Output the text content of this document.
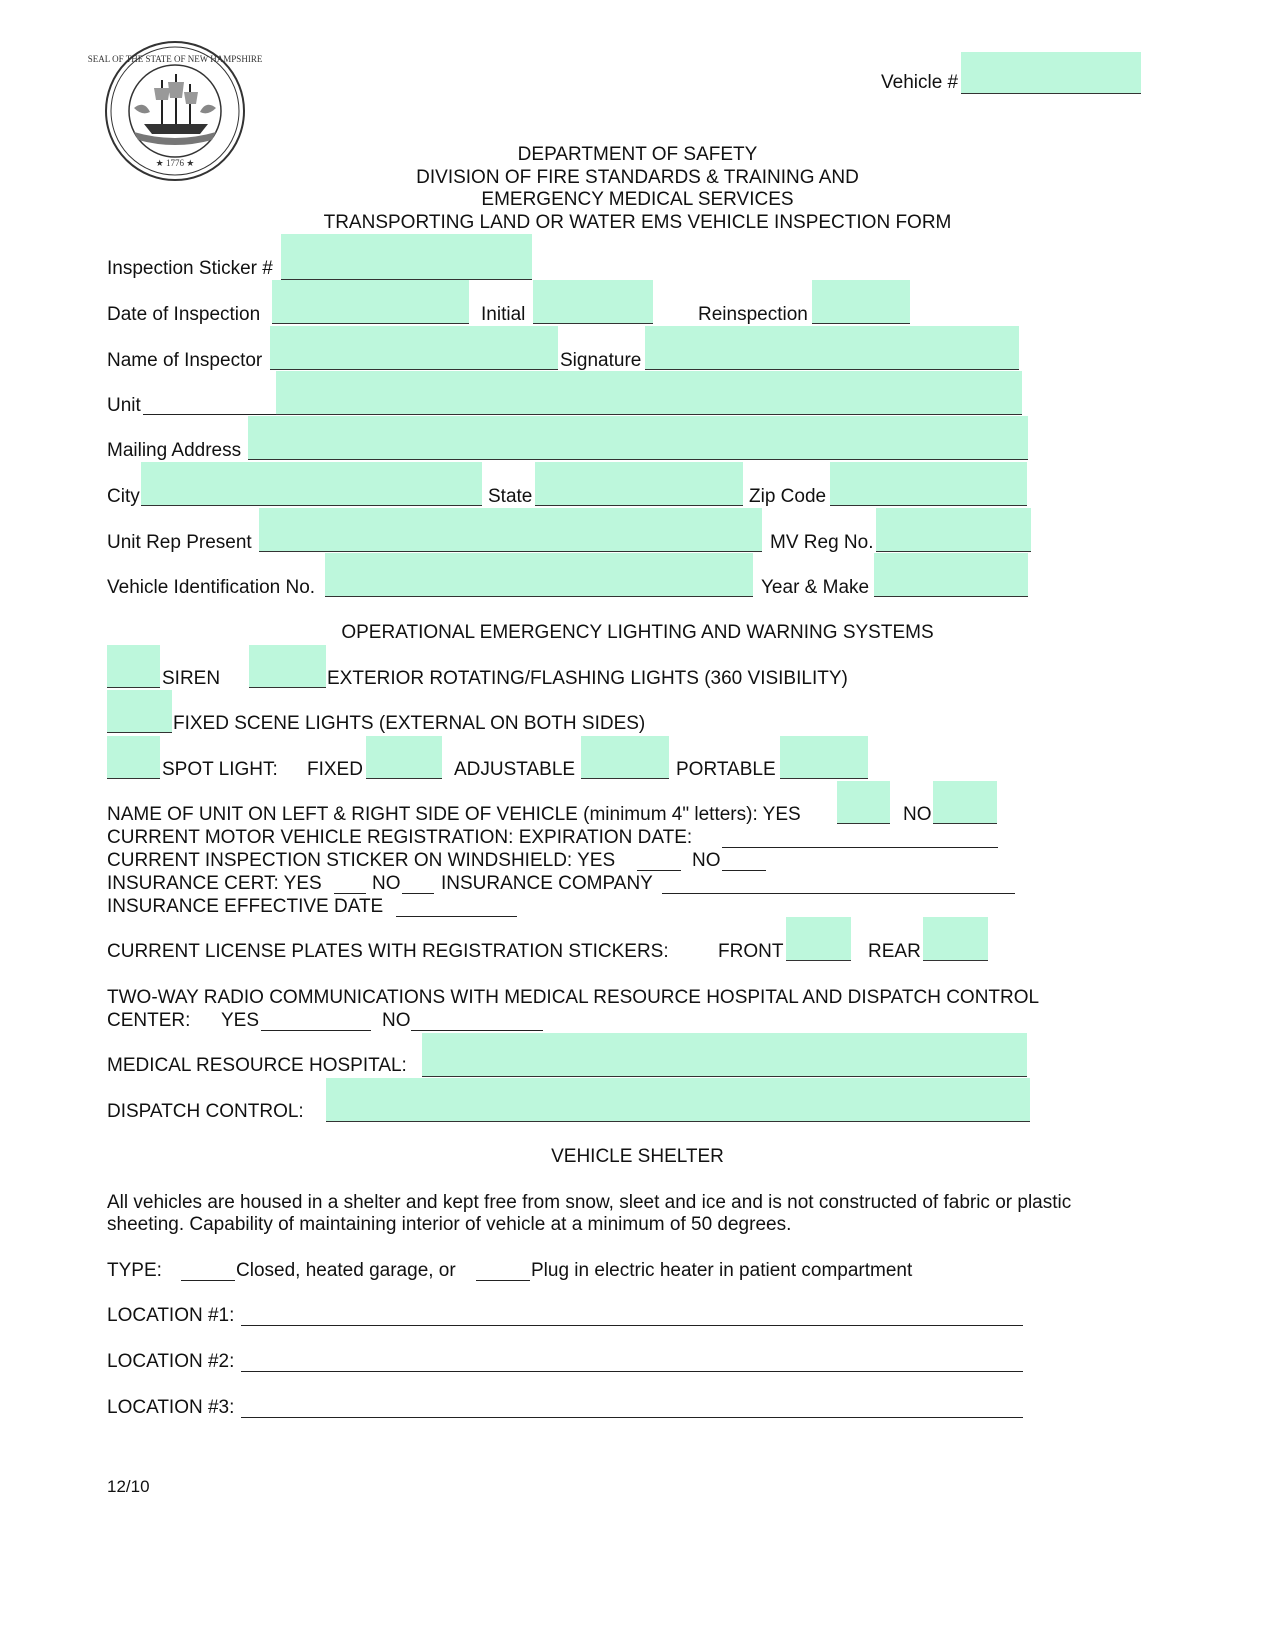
SEAL OF THE STATE OF NEW HAMPSHIRE
★ 1776 ★
Vehicle #
DEPARTMENT OF SAFETY
DIVISION OF FIRE STANDARDS & TRAINING AND
EMERGENCY MEDICAL SERVICES
TRANSPORTING LAND OR WATER EMS VEHICLE INSPECTION FORM
Inspection Sticker #
Date of Inspection	Initial	Reinspection
Name of Inspector	Signature
Unit
Mailing Address
City	State	Zip Code
Unit Rep Present	MV Reg No.
Vehicle Identification No.	Year & Make
OPERATIONAL EMERGENCY LIGHTING AND WARNING SYSTEMS
SIREN	EXTERIOR ROTATING/FLASHING LIGHTS (360 VISIBILITY)
FIXED SCENE LIGHTS (EXTERNAL ON BOTH SIDES)
SPOT LIGHT: FIXED	ADJUSTABLE	PORTABLE
NAME OF UNIT ON LEFT & RIGHT SIDE OF VEHICLE (minimum 4" letters): YES	NO
CURRENT MOTOR VEHICLE REGISTRATION: EXPIRATION DATE:
CURRENT INSPECTION STICKER ON WINDSHIELD: YES	NO
INSURANCE CERT: YES	NO INSURANCE COMPANY
INSURANCE EFFECTIVE DATE
CURRENT LICENSE PLATES WITH REGISTRATION STICKERS:	FRONT	REAR
TWO-WAY RADIO COMMUNICATIONS WITH MEDICAL RESOURCE HOSPITAL AND DISPATCH CONTROL
CENTER: YES	NO
MEDICAL RESOURCE HOSPITAL:
DISPATCH CONTROL:
VEHICLE SHELTER
All vehicles are housed in a shelter and kept free from snow, sleet and ice and is not constructed of fabric or plastic
sheeting. Capability of maintaining interior of vehicle at a minimum of 50 degrees.
TYPE:	Closed, heated garage, or	Plug in electric heater in patient compartment
LOCATION #1:
LOCATION #2:
LOCATION #3:
12/10
